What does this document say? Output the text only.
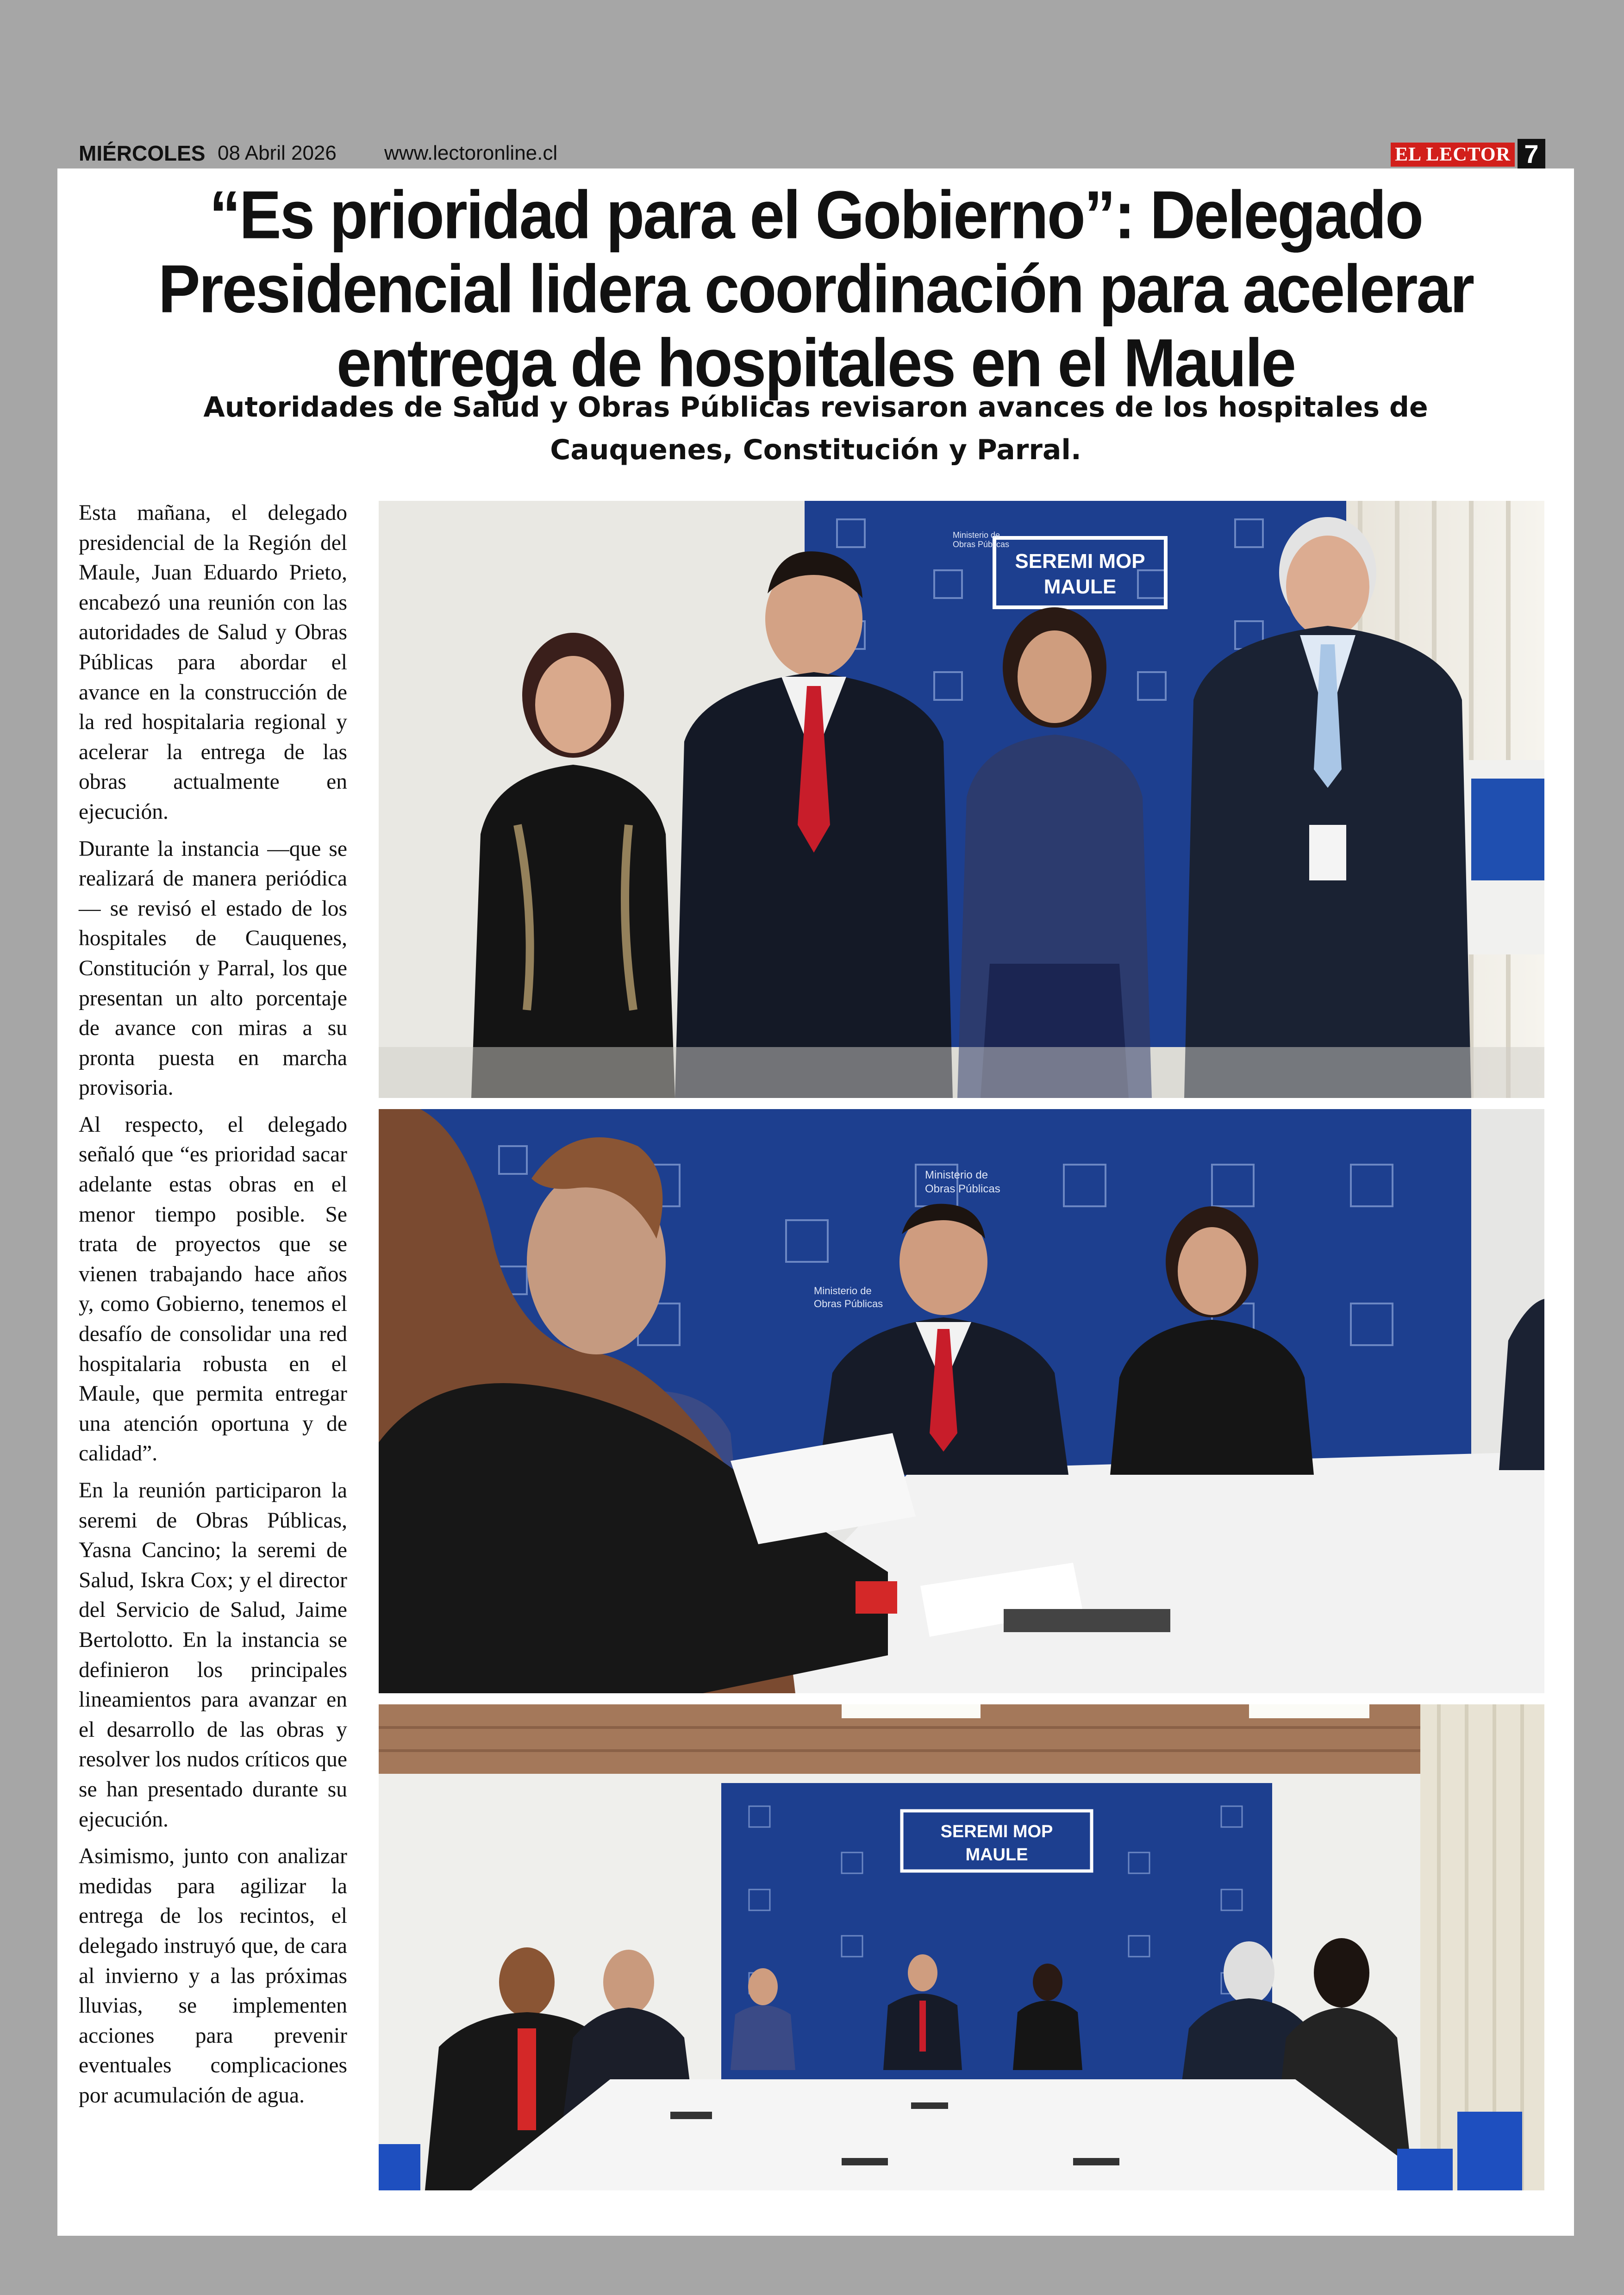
MIÉRCOLES 08 Abril 2026 www.lectoronline.cl	EL LECTOR 7
“Es prioridad para el Gobierno”: Delegado Presidencial lidera coordinación para acelerar entrega de hospitales en el Maule
Autoridades de Salud y Obras Públicas revisaron avances de los hospitales de Cauquenes, Constitución y Parral.

Esta mañana, el delegado presidencial de la Región del Maule, Juan Eduardo Prieto, encabezó una reunión con las autoridades de Salud y Obras Públicas para abordar el avance en la construcción de la red hospitalaria regional y acelerar la entrega de las obras actualmente en ejecución.

Durante la instancia —que se realizará de manera periódica— se revisó el estado de los hospitales de Cauquenes, Constitución y Parral, los que presentan un alto porcentaje de avance con miras a su pronta puesta en marcha provisoria.

Al respecto, el delegado señaló que “es prioridad sacar adelante estas obras en el menor tiempo posible. Se trata de proyectos que se vienen trabajando hace años y, como Gobierno, tenemos el desafío de consolidar una red hospitalaria robusta en el Maule, que permita entregar una atención oportuna y de calidad”.

En la reunión participaron la seremi de Obras Públicas, Yasna Cancino; la seremi de Salud, Iskra Cox; y el director del Servicio de Salud, Jaime Bertolotto. En la instancia se definieron los principales lineamientos para avanzar en el desarrollo de las obras y resolver los nudos críticos que se han presentado durante su ejecución.

Asimismo, junto con analizar medidas para agilizar la entrega de los recintos, el delegado instruyó que, de cara al invierno y a las próximas lluvias, se implementen acciones para prevenir eventuales complicaciones por acumulación de agua.

SEREMI MOP
MAULE
Ministerio de
Obras Públicas
Ministerio de
Obras Públicas
Ministerio de
Obras Públicas
SEREMI MOP
MAULE
